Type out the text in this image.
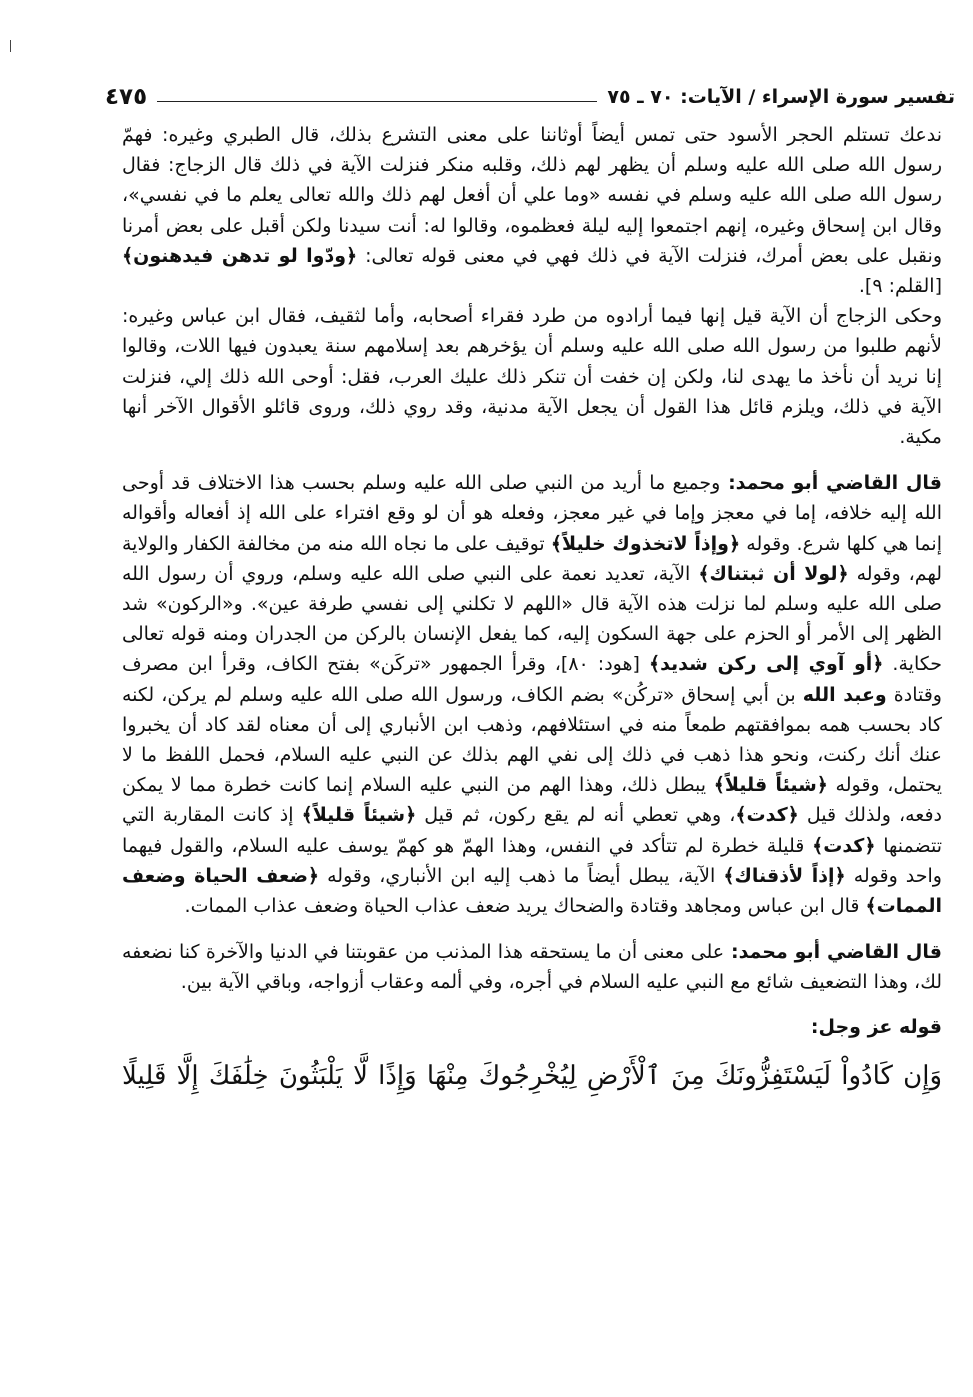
تفسير سورة الإسراء / الآيات: ٧٠ ـ ٧٥
٤٧٥

ندعك تستلم الحجر الأسود حتى تمس أيضاً أوثاننا على معنى التشرع بذلك، قال الطبري وغيره: فهمّ رسول الله صلى الله عليه وسلم أن يظهر لهم ذلك، وقلبه منكر فنزلت الآية في ذلك قال الزجاج: فقال رسول الله صلى الله عليه وسلم في نفسه «وما علي أن أفعل لهم ذلك والله تعالى يعلم ما في نفسي»، وقال ابن إسحاق وغيره، إنهم اجتمعوا إليه ليلة فعظموه، وقالوا له: أنت سيدنا ولكن أقبل على بعض أمرنا ونقبل على بعض أمرك، فنزلت الآية في ذلك فهي في معنى قوله تعالى: ﴿ودّوا لو تدهن فيدهنون﴾ [القلم: ٩].

وحكى الزجاج أن الآية قيل إنها فيما أرادوه من طرد فقراء أصحابه، وأما لثقيف، فقال ابن عباس وغيره: لأنهم طلبوا من رسول الله صلى الله عليه وسلم أن يؤخرهم بعد إسلامهم سنة يعبدون فيها اللات، وقالوا إنا نريد أن نأخذ ما يهدى لنا، ولكن إن خفت أن تنكر ذلك عليك العرب، فقل: أوحى الله ذلك إلي، فنزلت الآية في ذلك، ويلزم قائل هذا القول أن يجعل الآية مدنية، وقد روي ذلك، وروى قائلو الأقوال الآخر أنها مكية.

قال القاضي أبو محمد: وجميع ما أريد من النبي صلى الله عليه وسلم بحسب هذا الاختلاف قد أوحى الله إليه خلافه، إما في معجز وإما في غير معجز، وفعله هو أن لو وقع افتراء على الله إذ أفعاله وأقواله إنما هي كلها شرع. وقوله ﴿وإذاً لاتخذوك خليلاً﴾ توقيف على ما نجاه الله منه من مخالفة الكفار والولاية لهم، وقوله ﴿لولا أن ثبتناك﴾ الآية، تعديد نعمة على النبي صلى الله عليه وسلم، وروي أن رسول الله صلى الله عليه وسلم لما نزلت هذه الآية قال «اللهم لا تكلني إلى نفسي طرفة عين». و«الركون» شد الظهر إلى الأمر أو الحزم على جهة السكون إليه، كما يفعل الإنسان بالركن من الجدران ومنه قوله تعالى حكاية. ﴿أو آوي إلى ركن شديد﴾ [هود: ٨٠]، وقرأ الجمهور «تركَن» بفتح الكاف، وقرأ ابن مصرف وقتادة وعبد الله بن أبي إسحاق «تركُن» بضم الكاف، ورسول الله صلى الله عليه وسلم لم يركن، لكنه كاد بحسب همه بموافقتهم طمعاً منه في استئلافهم، وذهب ابن الأنباري إلى أن معناه لقد كاد أن يخبروا عنك أنك ركنت، ونحو هذا ذهب في ذلك إلى نفي الهم بذلك عن النبي عليه السلام، فحمل اللفظ ما لا يحتمل، وقوله ﴿شيئاً قليلاً﴾ يبطل ذلك، وهذا الهم من النبي عليه السلام إنما كانت خطرة مما لا يمكن دفعه، ولذلك قيل ﴿كدت﴾، وهي تعطي أنه لم يقع ركون، ثم قيل ﴿شيئاً قليلاً﴾ إذ كانت المقاربة التي تتضمنها ﴿كدت﴾ قليلة خطرة لم تتأكد في النفس، وهذا الهمّ هو كهمّ يوسف عليه السلام، والقول فيهما واحد وقوله ﴿إذاً لأذقناك﴾ الآية، يبطل أيضاً ما ذهب إليه ابن الأنباري، وقوله ﴿ضعف الحياة وضعف الممات﴾ قال ابن عباس ومجاهد وقتادة والضحاك يريد ضعف عذاب الحياة وضعف عذاب الممات.

قال القاضي أبو محمد: على معنى أن ما يستحقه هذا المذنب من عقوبتنا في الدنيا والآخرة كنا نضعفه لك، وهذا التضعيف شائع مع النبي عليه السلام في أجره، وفي ألمه وعقاب أزواجه، وباقي الآية بين.

قوله عز وجل:

وَإِن كَادُواْ لَيَسْتَفِزُّونَكَ مِنَ ٱلْأَرْضِ لِيُخْرِجُوكَ مِنْهَا وَإِذًا لَّا يَلْبَثُونَ خِلَٰفَكَ إِلَّا قَلِيلًا
